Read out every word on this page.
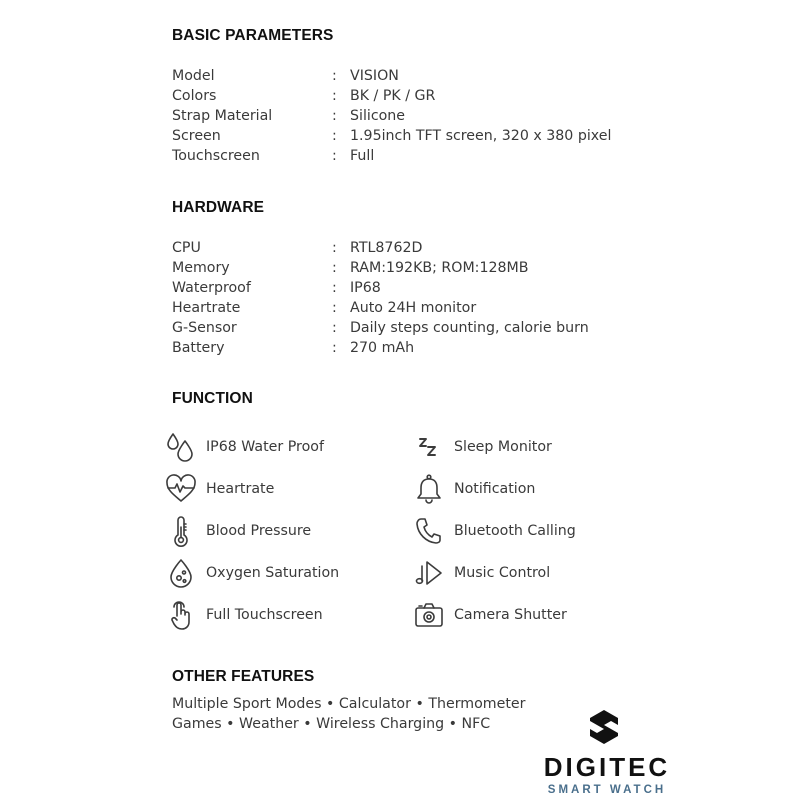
BASIC PARAMETERS
Model	: VISION
Colors	: BK / PK / GR
Strap Material	: Silicone
Screen	: 1.95inch TFT screen, 320 x 380 pixel
Touchscreen	: Full
HARDWARE
CPU	: RTL8762D
Memory	: RAM:192KB; ROM:128MB
Waterproof	: IP68
Heartrate	: Auto 24H monitor
G-Sensor	: Daily steps counting, calorie burn
Battery	: 270 mAh
FUNCTION
IP68 Water Proof	Sleep Monitor
Heartrate	Notification
Blood Pressure	Bluetooth Calling
Oxygen Saturation	Music Control
Full Touchscreen	Camera Shutter
OTHER FEATURES
Multiple Sport Modes • Calculator • Thermometer
Games • Weather • Wireless Charging • NFC
DIGITEC
SMART WATCH
